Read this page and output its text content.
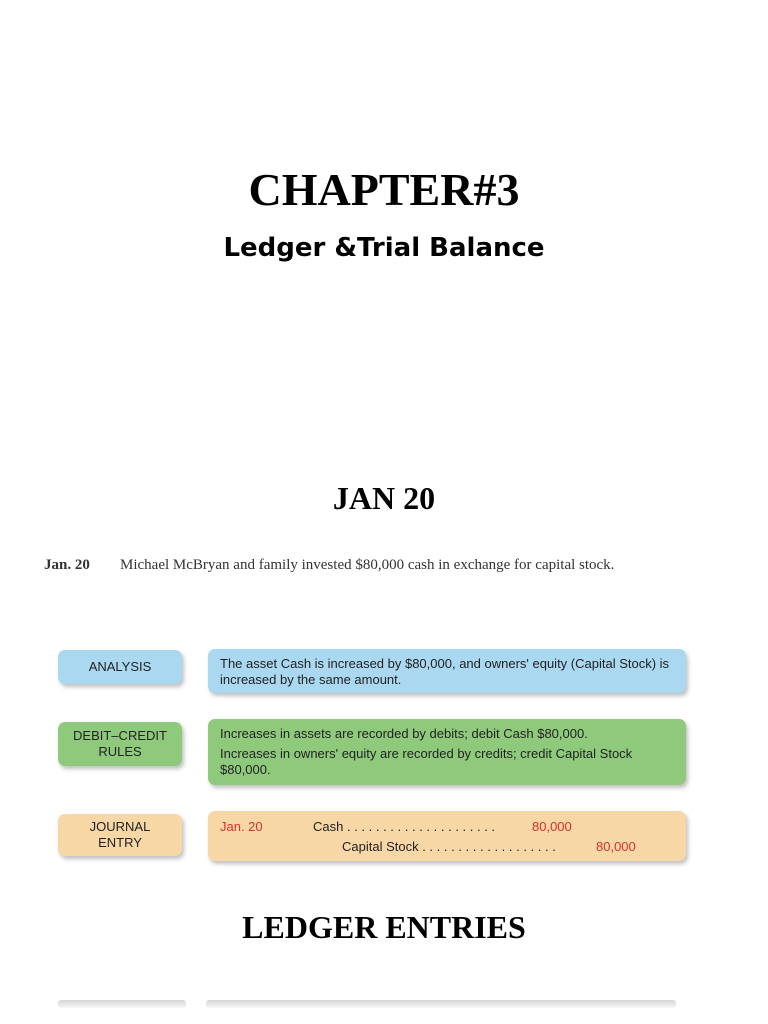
CHAPTER#3
Ledger &Trial Balance
JAN 20
Jan. 20	Michael McBryan and family invested $80,000 cash in exchange for capital stock.
ANALYSIS	The asset Cash is increased by $80,000, and owners' equity (Capital Stock) is increased by the same amount.
DEBIT–CREDIT
RULES

Increases in assets are recorded by debits; debit Cash $80,000.

Increases in owners' equity are recorded by credits; credit Capital Stock $80,000.

JOURNAL
ENTRY
Jan. 20	Cash . . . . . . . . . . . . . . . . . . . . .	80,000
Capital Stock . . . . . . . . . . . . . . . . . . .	80,000
LEDGER ENTRIES
